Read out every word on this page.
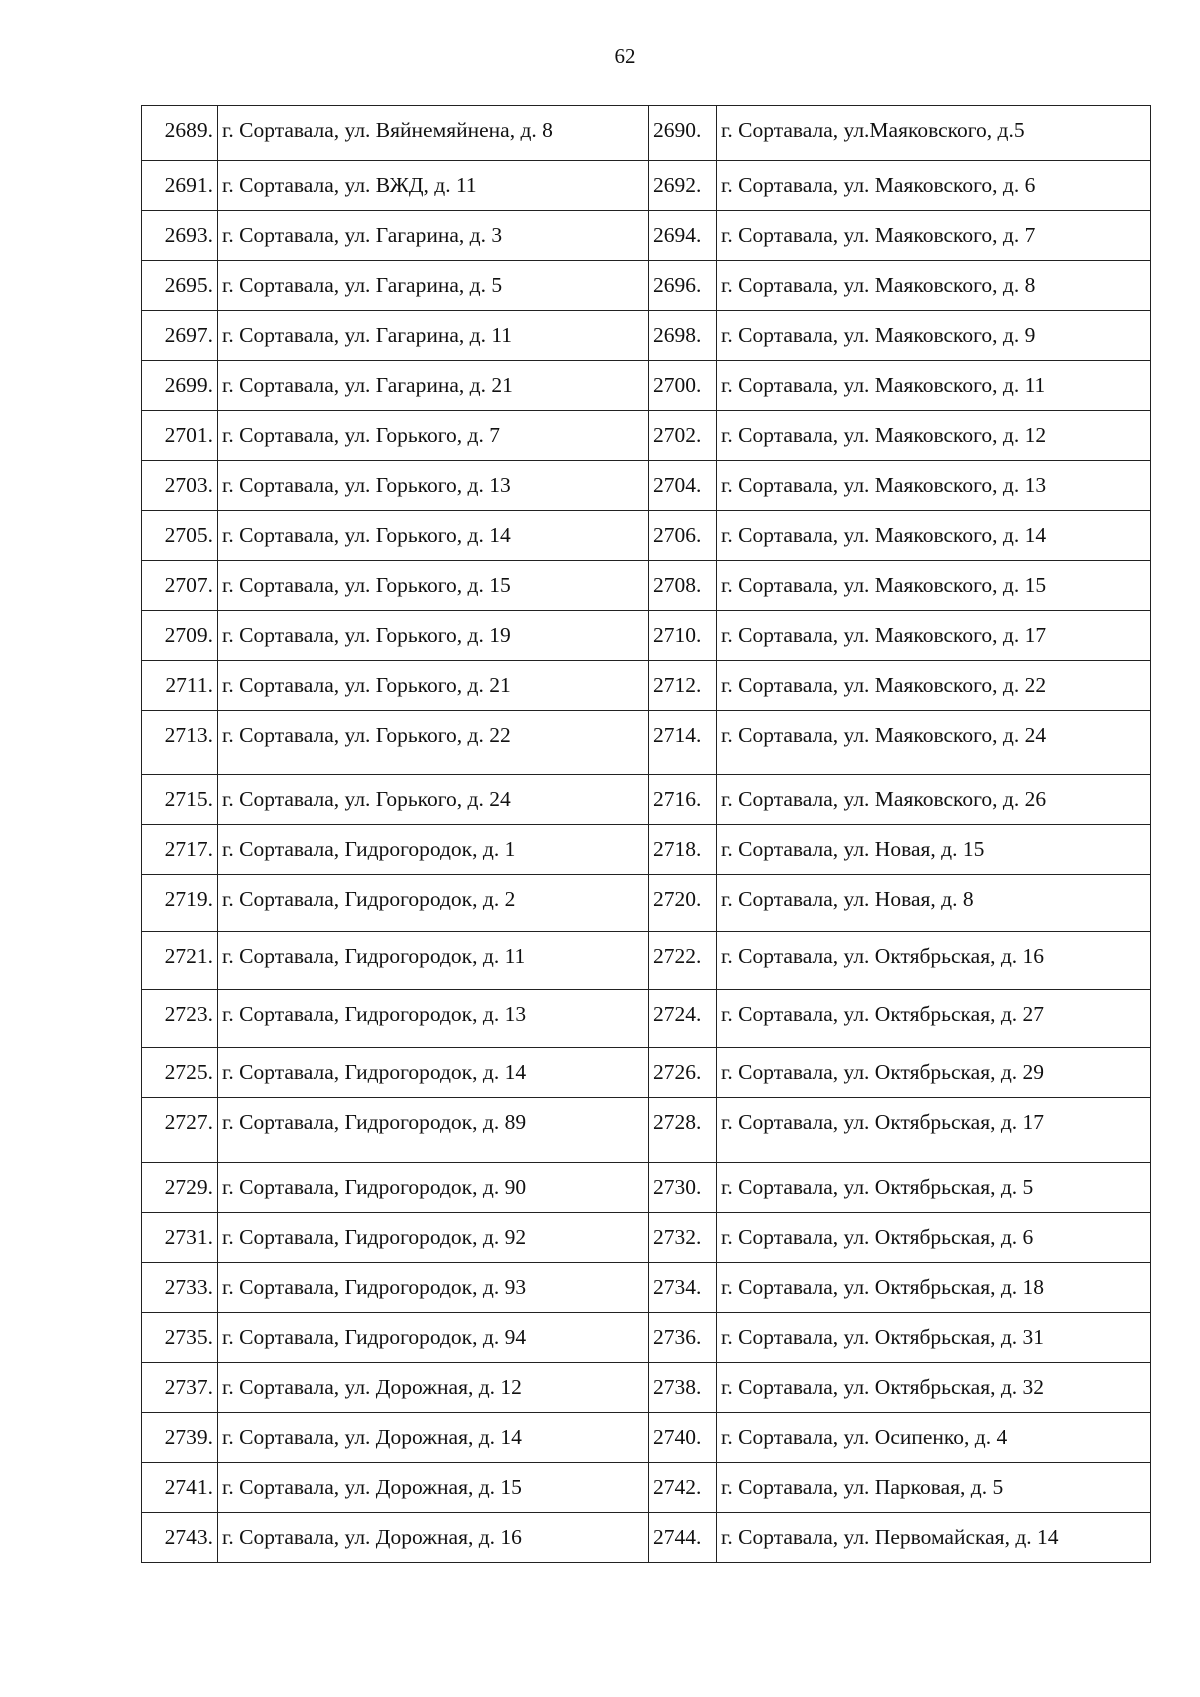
62
2689.	г. Сортавала, ул. Вяйнемяйнена, д. 8	2690.	г. Сортавала, ул.Маяковского, д.5

2691.	г. Сортавала, ул. ВЖД, д. 11	2692.	г. Сортавала, ул. Маяковского, д. 6

2693.	г. Сортавала, ул. Гагарина, д. 3	2694.	г. Сортавала, ул. Маяковского, д. 7

2695.	г. Сортавала, ул. Гагарина, д. 5	2696.	г. Сортавала, ул. Маяковского, д. 8

2697.	г. Сортавала, ул. Гагарина, д. 11	2698.	г. Сортавала, ул. Маяковского, д. 9

2699.	г. Сортавала, ул. Гагарина, д. 21	2700.	г. Сортавала, ул. Маяковского, д. 11

2701.	г. Сортавала, ул. Горького, д. 7	2702.	г. Сортавала, ул. Маяковского, д. 12

2703.	г. Сортавала, ул. Горького, д. 13	2704.	г. Сортавала, ул. Маяковского, д. 13

2705.	г. Сортавала, ул. Горького, д. 14	2706.	г. Сортавала, ул. Маяковского, д. 14

2707.	г. Сортавала, ул. Горького, д. 15	2708.	г. Сортавала, ул. Маяковского, д. 15

2709.	г. Сортавала, ул. Горького, д. 19	2710.	г. Сортавала, ул. Маяковского, д. 17

2711.	г. Сортавала, ул. Горького, д. 21	2712.	г. Сортавала, ул. Маяковского, д. 22

2713.	г. Сортавала, ул. Горького, д. 22	2714.	г. Сортавала, ул. Маяковского, д. 24

2715.	г. Сортавала, ул. Горького, д. 24	2716.	г. Сортавала, ул. Маяковского, д. 26

2717.	г. Сортавала, Гидрогородок, д. 1	2718.	г. Сортавала, ул. Новая, д. 15

2719.	г. Сортавала, Гидрогородок, д. 2	2720.	г. Сортавала, ул. Новая, д. 8

2721.	г. Сортавала, Гидрогородок, д. 11	2722.	г. Сортавала, ул. Октябрьская, д. 16

2723.	г. Сортавала, Гидрогородок, д. 13	2724.	г. Сортавала, ул. Октябрьская, д. 27

2725.	г. Сортавала, Гидрогородок, д. 14	2726.	г. Сортавала, ул. Октябрьская, д. 29

2727.	г. Сортавала, Гидрогородок, д. 89	2728.	г. Сортавала, ул. Октябрьская, д. 17

2729.	г. Сортавала, Гидрогородок, д. 90	2730.	г. Сортавала, ул. Октябрьская, д. 5

2731.	г. Сортавала, Гидрогородок, д. 92	2732.	г. Сортавала, ул. Октябрьская, д. 6

2733.	г. Сортавала, Гидрогородок, д. 93	2734.	г. Сортавала, ул. Октябрьская, д. 18

2735.	г. Сортавала, Гидрогородок, д. 94	2736.	г. Сортавала, ул. Октябрьская, д. 31

2737.	г. Сортавала, ул. Дорожная, д. 12	2738.	г. Сортавала, ул. Октябрьская, д. 32

2739.	г. Сортавала, ул. Дорожная, д. 14	2740.	г. Сортавала, ул. Осипенко, д. 4

2741.	г. Сортавала, ул. Дорожная, д. 15	2742.	г. Сортавала, ул. Парковая, д. 5

2743.	г. Сортавала, ул. Дорожная, д. 16	2744.	г. Сортавала, ул. Первомайская, д. 14
